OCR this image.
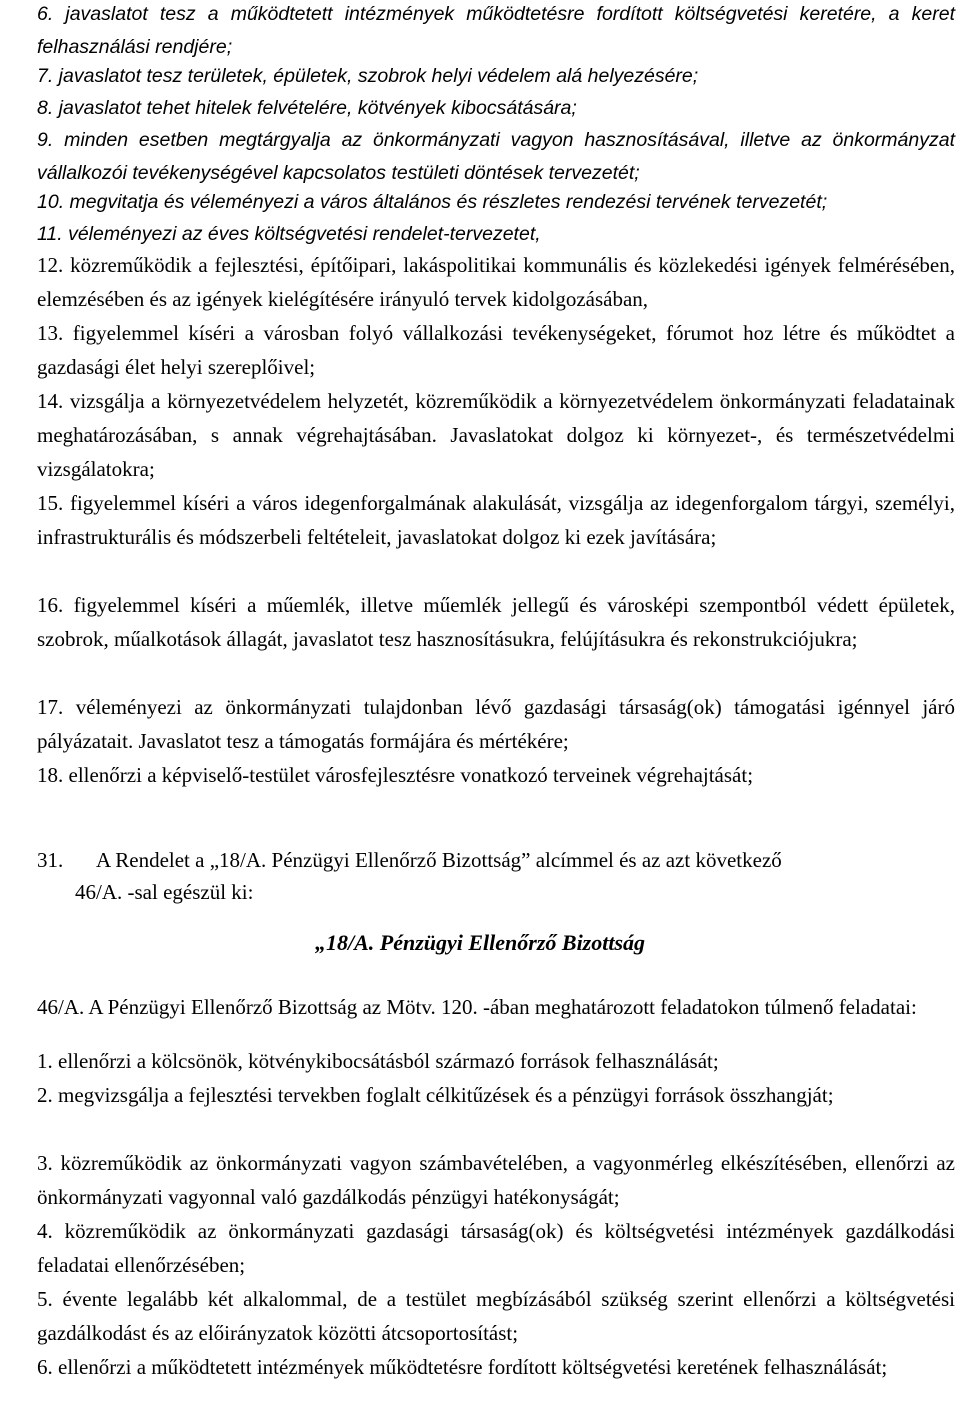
6. javaslatot tesz a működtetett intézmények működtetésre fordított költségvetési keretére, a keret felhasználási rendjére;
7. javaslatot tesz területek, épületek, szobrok helyi védelem alá helyezésére;
8. javaslatot tehet hitelek felvételére, kötvények kibocsátására;
9. minden esetben megtárgyalja az önkormányzati vagyon hasznosításával, illetve az önkormányzat vállalkozói tevékenységével kapcsolatos testületi döntések tervezetét;
10. megvitatja és véleményezi a város általános és részletes rendezési tervének tervezetét;
11. véleményezi az éves költségvetési rendelet-tervezetet,
12. közreműködik a fejlesztési, építőipari, lakáspolitikai kommunális és közlekedési igények felmérésében, elemzésében és az igények kielégítésére irányuló tervek kidolgozásában,
13. figyelemmel kíséri a városban folyó vállalkozási tevékenységeket, fórumot hoz létre és működtet a gazdasági élet helyi szereplőivel;
14. vizsgálja a környezetvédelem helyzetét, közreműködik a környezetvédelem önkormányzati feladatainak meghatározásában, s annak végrehajtásában. Javaslatokat dolgoz ki környezet-, és természetvédelmi vizsgálatokra;
15. figyelemmel kíséri a város idegenforgalmának alakulását, vizsgálja az idegenforgalom tárgyi, személyi, infrastrukturális és módszerbeli feltételeit, javaslatokat dolgoz ki ezek javítására;
16. figyelemmel kíséri a műemlék, illetve műemlék jellegű és városképi szempontból védett épületek, szobrok, műalkotások állagát, javaslatot tesz hasznosításukra, felújításukra és rekonstrukciójukra;
17. véleményezi az önkormányzati tulajdonban lévő gazdasági társaság(ok) támogatási igénnyel járó pályázatait. Javaslatot tesz a támogatás formájára és mértékére;
18. ellenőrzi a képviselő-testület városfejlesztésre vonatkozó terveinek végrehajtását;
31. A Rendelet a „18/A. Pénzügyi Ellenőrző Bizottság” alcímmel és az azt következő
46/A. -sal egészül ki:
„18/A. Pénzügyi Ellenőrző Bizottság
46/A. A Pénzügyi Ellenőrző Bizottság az Mötv. 120. -ában meghatározott feladatokon túlmenő feladatai:
1. ellenőrzi a kölcsönök, kötvénykibocsátásból származó források felhasználását;
2. megvizsgálja a fejlesztési tervekben foglalt célkitűzések és a pénzügyi források összhangját;
3. közreműködik az önkormányzati vagyon számbavételében, a vagyonmérleg elkészítésében, ellenőrzi az önkormányzati vagyonnal való gazdálkodás pénzügyi hatékonyságát;
4. közreműködik az önkormányzati gazdasági társaság(ok) és költségvetési intézmények gazdálkodási feladatai ellenőrzésében;
5. évente legalább két alkalommal, de a testület megbízásából szükség szerint ellenőrzi a költségvetési gazdálkodást és az előirányzatok közötti átcsoportosítást;
6. ellenőrzi a működtetett intézmények működtetésre fordított költségvetési keretének felhasználását;
